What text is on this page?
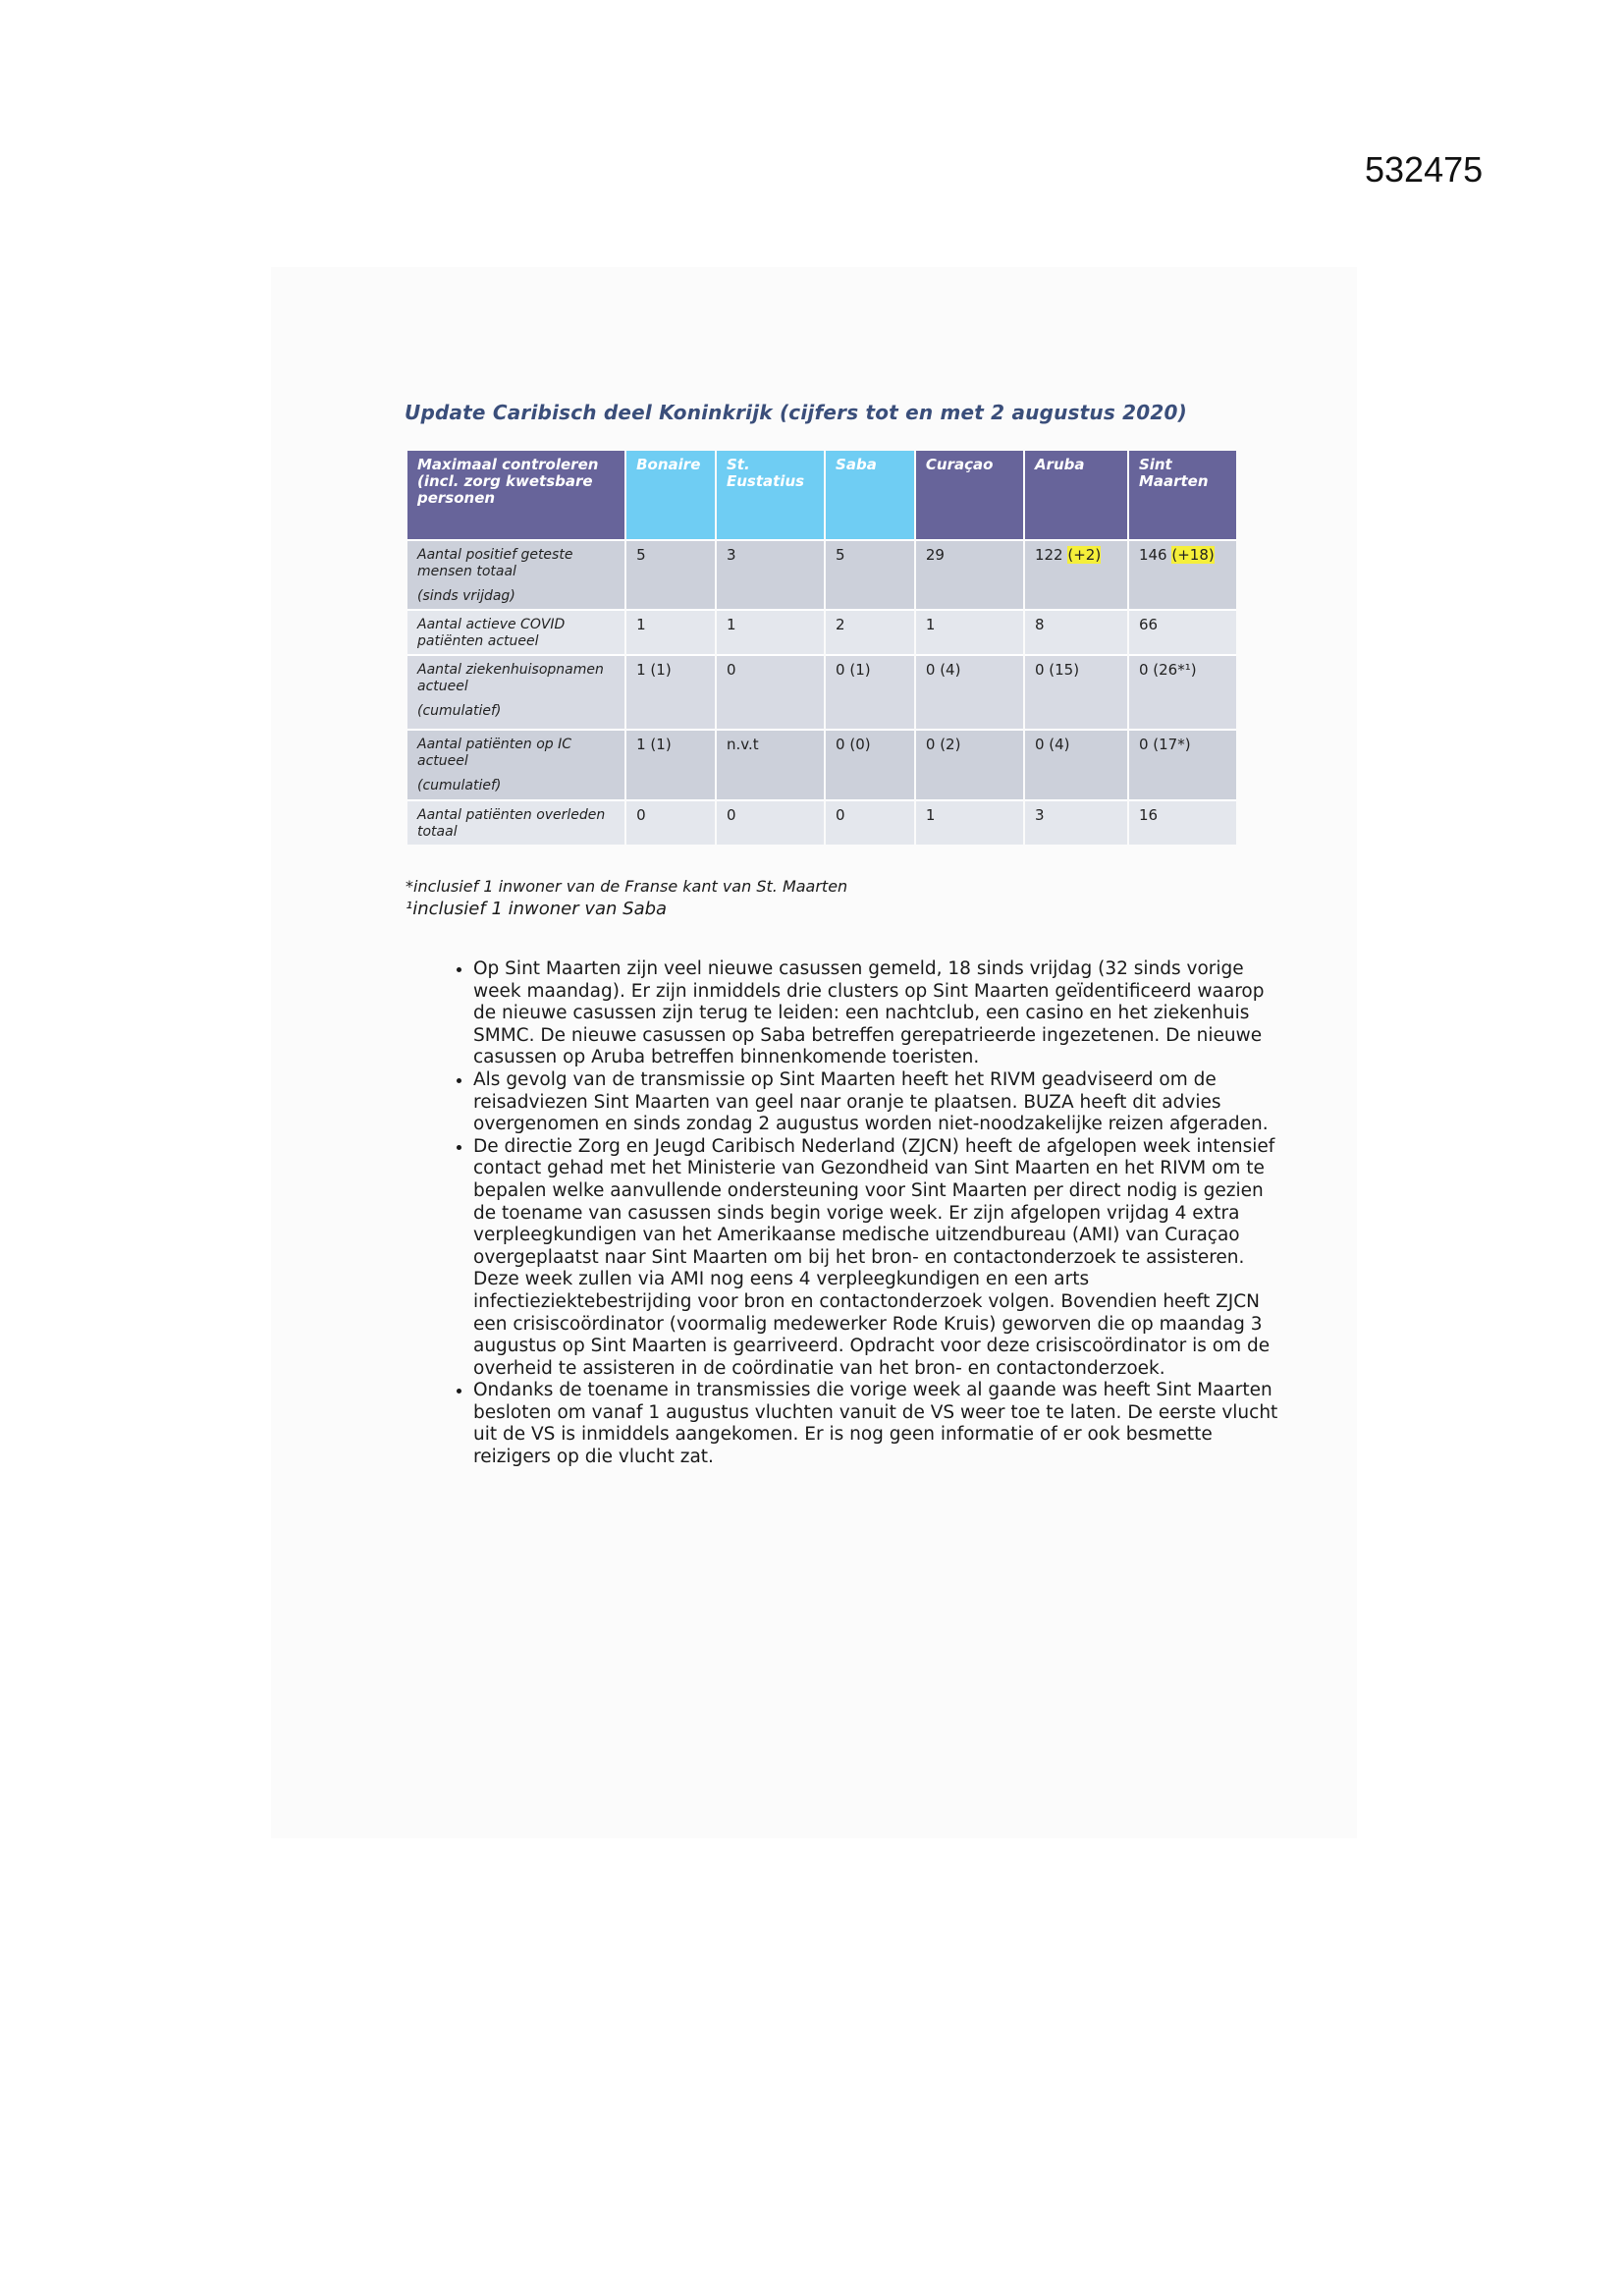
532475
Update Caribisch deel Koninkrijk (cijfers tot en met 2 augustus 2020)
Maximaal controleren (incl. zorg kwetsbare personen	Bonaire	St. Eustatius	Saba	Curaçao	Aruba	Sint Maarten
Aantal positief geteste mensen totaal
(sinds vrijdag)	5	3	5	29	122 (+2)	146 (+18)
Aantal actieve COVID patiënten actueel	1	1	2	1	8	66
Aantal ziekenhuisopnamen actueel
(cumulatief)	1 (1)	0	0 (1)	0 (4)	0 (15)	0 (26*¹)
Aantal patiënten op IC actueel
(cumulatief)	1 (1)	n.v.t	0 (0)	0 (2)	0 (4)	0 (17*)
Aantal patiënten overleden totaal	0	0	0	1	3	16
*inclusief 1 inwoner van de Franse kant van St. Maarten
¹inclusief 1 inwoner van Saba
• Op Sint Maarten zijn veel nieuwe casussen gemeld, 18 sinds vrijdag (32 sinds vorige week maandag). Er zijn inmiddels drie clusters op Sint Maarten geïdentificeerd waarop de nieuwe casussen zijn terug te leiden: een nachtclub, een casino en het ziekenhuis SMMC. De nieuwe casussen op Saba betreffen gerepatrieerde ingezetenen. De nieuwe casussen op Aruba betreffen binnenkomende toeristen.
• Als gevolg van de transmissie op Sint Maarten heeft het RIVM geadviseerd om de reisadviezen Sint Maarten van geel naar oranje te plaatsen. BUZA heeft dit advies overgenomen en sinds zondag 2 augustus worden niet-noodzakelijke reizen afgeraden.
• De directie Zorg en Jeugd Caribisch Nederland (ZJCN) heeft de afgelopen week intensief contact gehad met het Ministerie van Gezondheid van Sint Maarten en het RIVM om te bepalen welke aanvullende ondersteuning voor Sint Maarten per direct nodig is gezien de toename van casussen sinds begin vorige week. Er zijn afgelopen vrijdag 4 extra verpleegkundigen van het Amerikaanse medische uitzendbureau (AMI) van Curaçao overgeplaatst naar Sint Maarten om bij het bron- en contactonderzoek te assisteren. Deze week zullen via AMI nog eens 4 verpleegkundigen en een arts infectieziektebestrijding voor bron en contactonderzoek volgen. Bovendien heeft ZJCN een crisiscoördinator (voormalig medewerker Rode Kruis) geworven die op maandag 3 augustus op Sint Maarten is gearriveerd. Opdracht voor deze crisiscoördinator is om de overheid te assisteren in de coördinatie van het bron- en contactonderzoek.
• Ondanks de toename in transmissies die vorige week al gaande was heeft Sint Maarten besloten om vanaf 1 augustus vluchten vanuit de VS weer toe te laten. De eerste vlucht uit de VS is inmiddels aangekomen. Er is nog geen informatie of er ook besmette reizigers op die vlucht zat.
